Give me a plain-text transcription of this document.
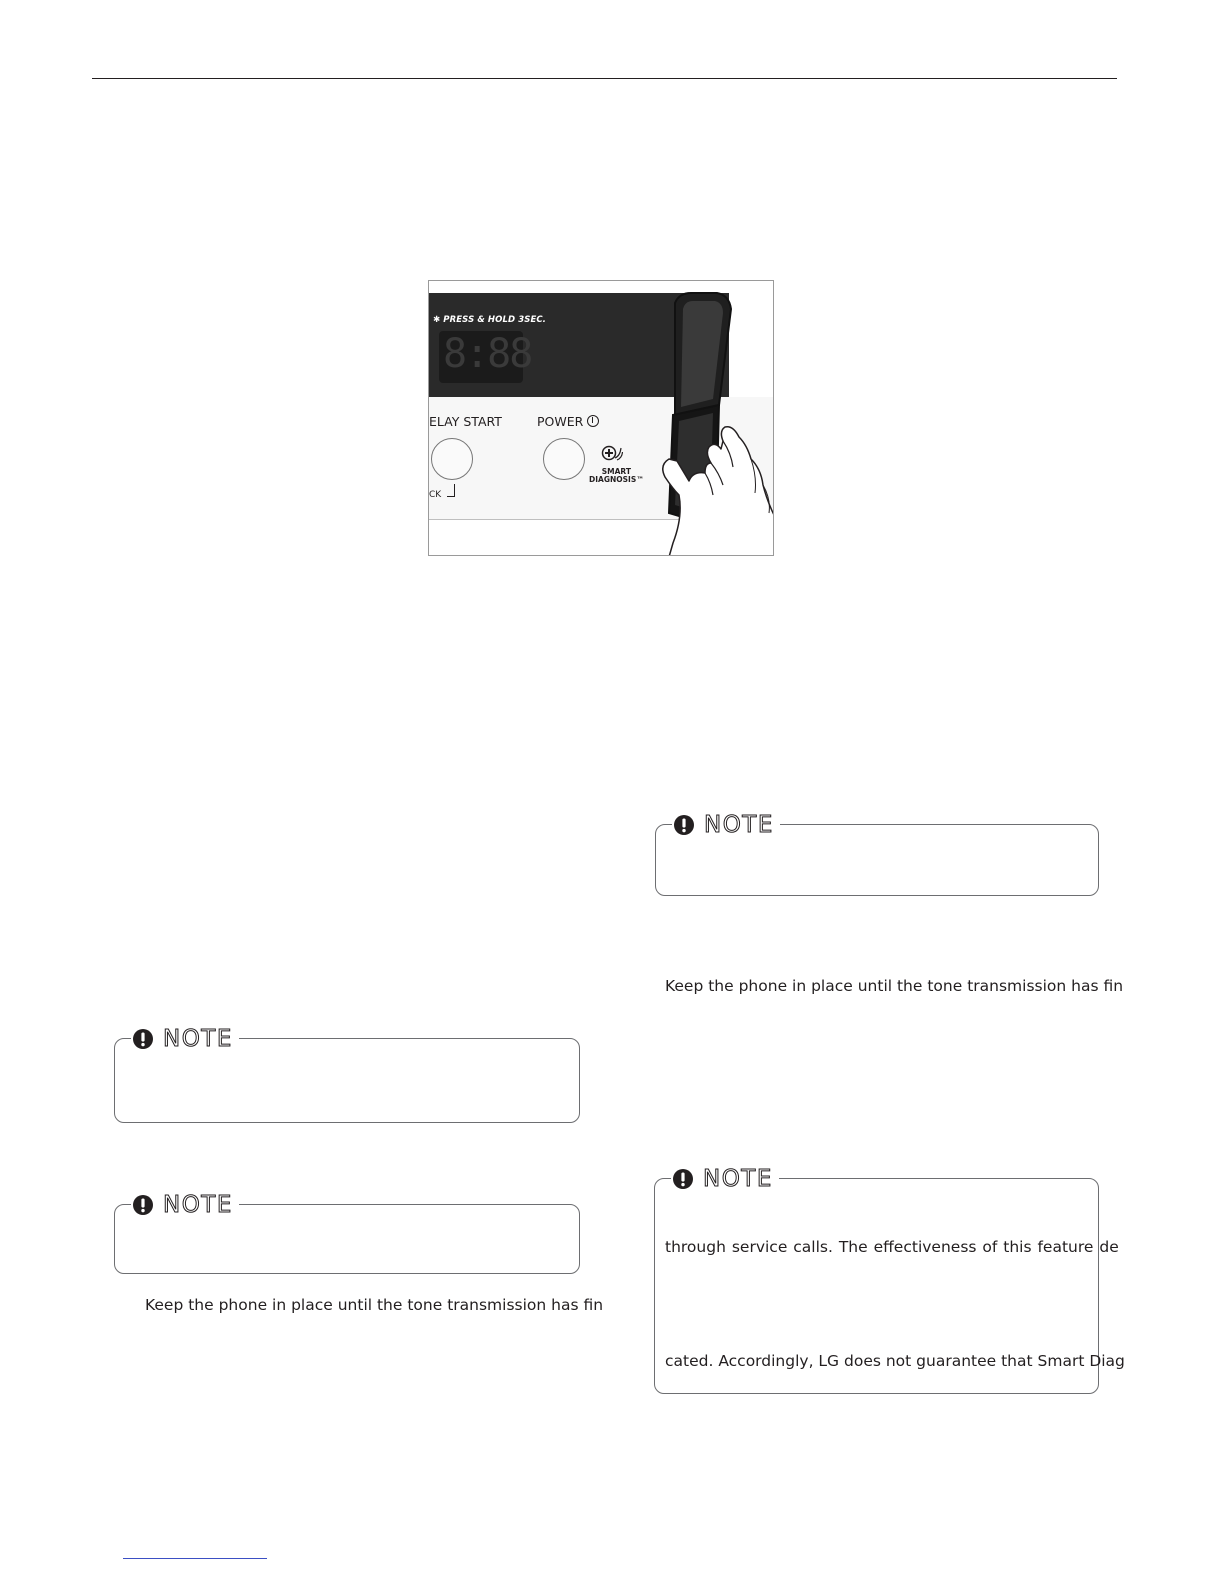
✱ PRESS & HOLD 3SEC.
8:88
ELAY START	POWER
CK
SMART
DIAGNOSIS™
NOTE
Keep the phone in place until the tone transmission has fin
NOTE
NOTE
Keep the phone in place until the tone transmission has fin
NOTE
through service calls. The effectiveness of this feature de
cated. Accordingly, LG does not guarantee that Smart Diag
